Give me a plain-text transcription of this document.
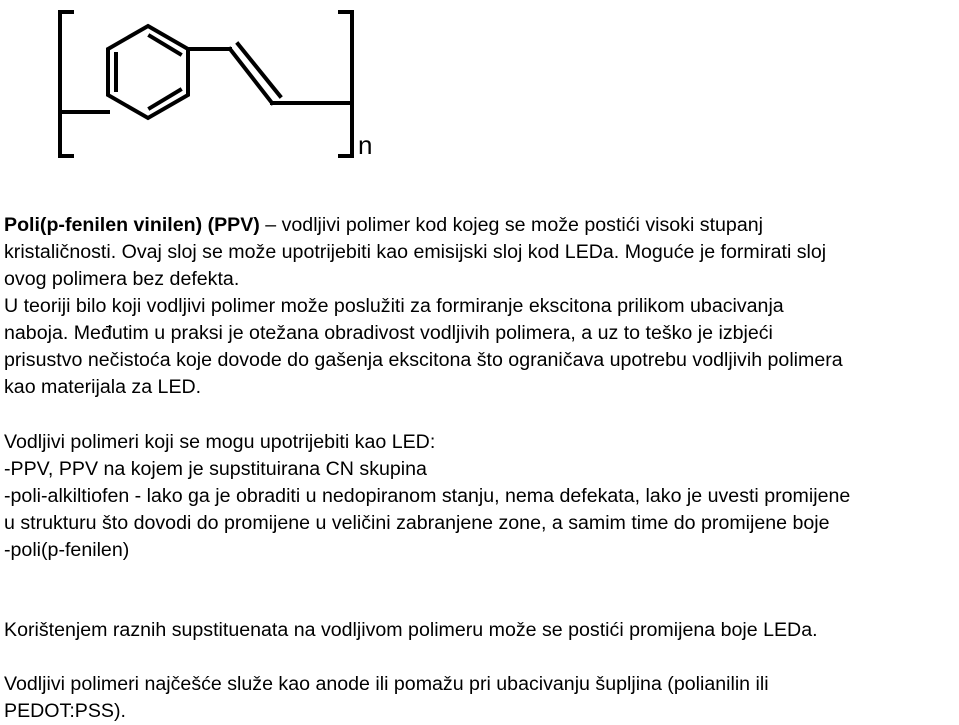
n
Poli(p-fenilen vinilen) (PPV) – vodljivi polimer kod kojeg se može postići visoki stupanj
kristaličnosti. Ovaj sloj se može upotrijebiti kao emisijski sloj kod LEDa. Moguće je formirati sloj
ovog polimera bez defekta.
U teoriji bilo koji vodljivi polimer može poslužiti za formiranje ekscitona prilikom ubacivanja
naboja. Međutim u praksi je otežana obradivost vodljivih polimera, a uz to teško je izbjeći
prisustvo nečistoća koje dovode do gašenja ekscitona što ograničava upotrebu vodljivih polimera
kao materijala za LED.
Vodljivi polimeri koji se mogu upotrijebiti kao LED:
-PPV, PPV na kojem je supstituirana CN skupina
-poli-alkiltiofen - lako ga je obraditi u nedopiranom stanju, nema defekata, lako je uvesti promijene
u strukturu što dovodi do promijene u veličini zabranjene zone, a samim time do promijene boje
-poli(p-fenilen)
Korištenjem raznih supstituenata na vodljivom polimeru može se postići promijena boje LEDa.
Vodljivi polimeri najčešće služe kao anode ili pomažu pri ubacivanju šupljina (polianilin ili
PEDOT:PSS).
